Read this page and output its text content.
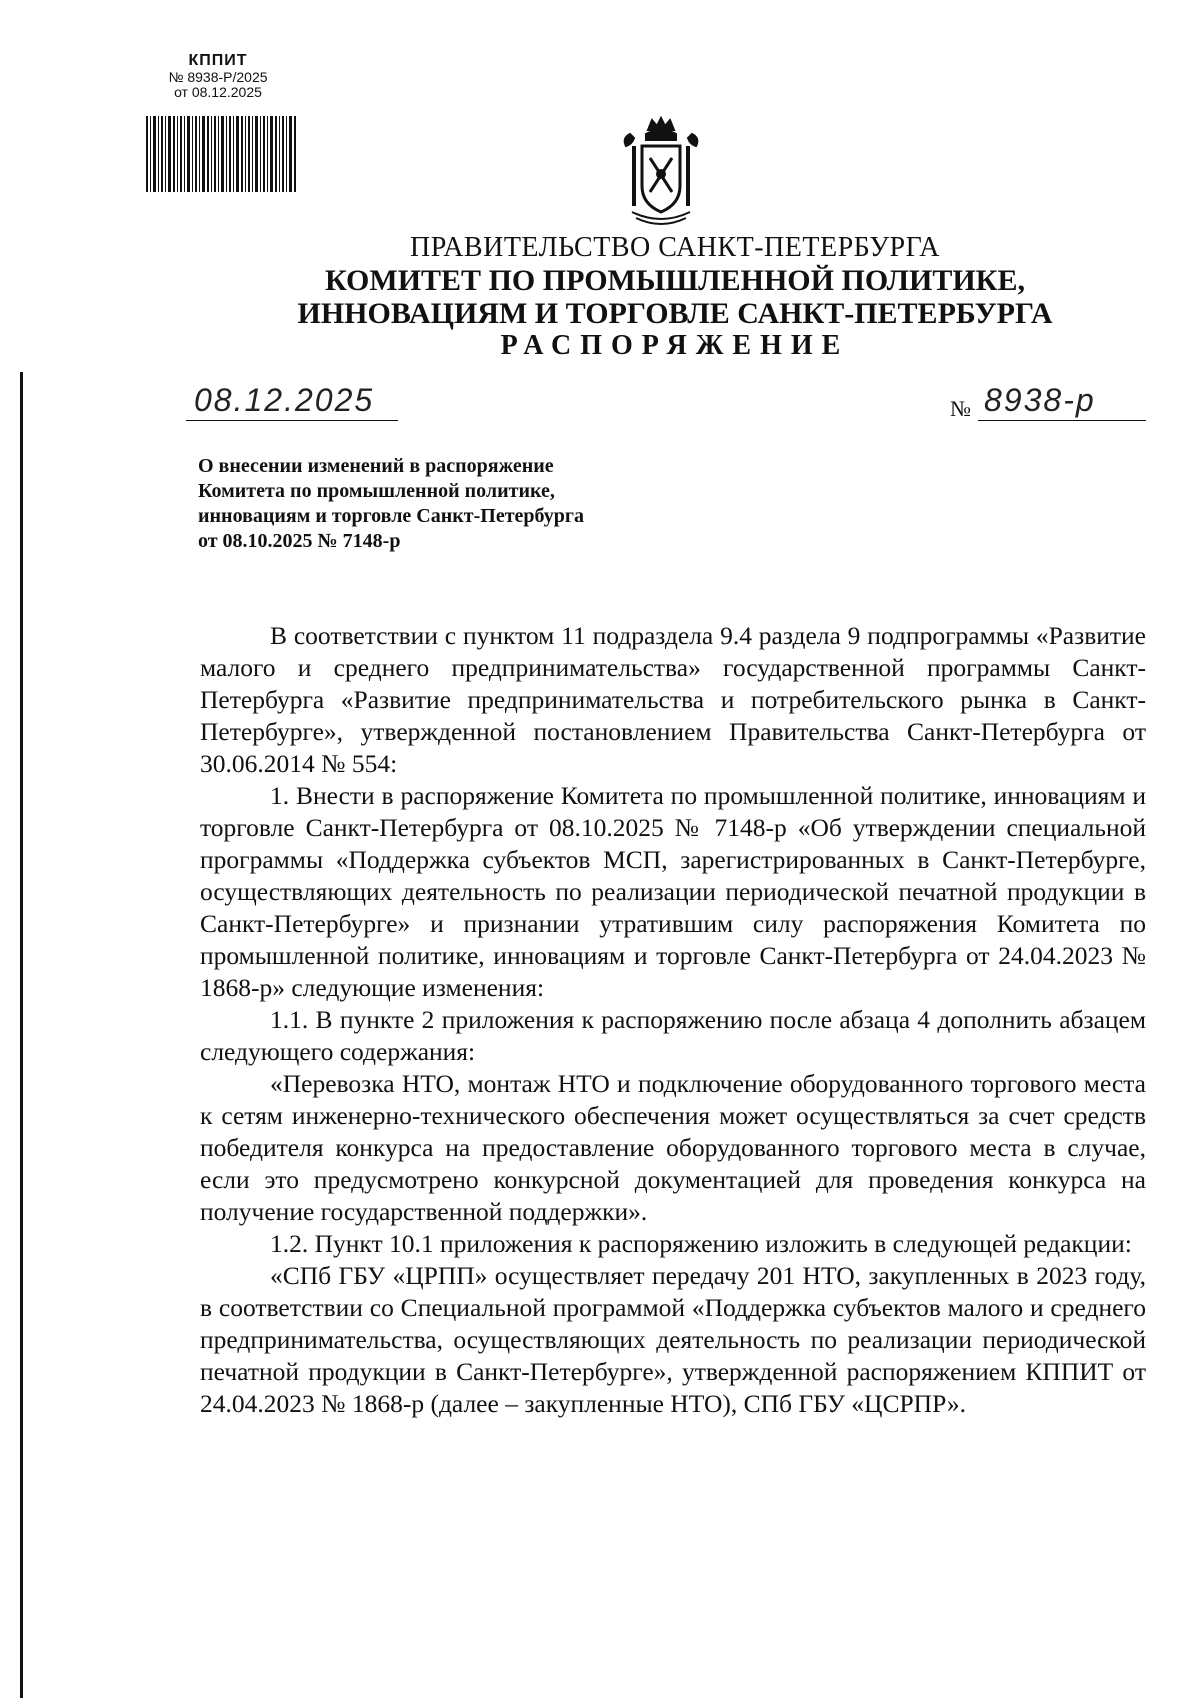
КППИТ
№ 8938-Р/2025
от 08.12.2025
ПРАВИТЕЛЬСТВО САНКТ-ПЕТЕРБУРГА
КОМИТЕТ ПО ПРОМЫШЛЕННОЙ ПОЛИТИКЕ,
ИННОВАЦИЯМ И ТОРГОВЛЕ САНКТ-ПЕТЕРБУРГА
РАСПОРЯЖЕНИЕ
08.12.2025	№ 8938-р
О внесении изменений в распоряжение
Комитета по промышленной политике,
инновациям и торговле Санкт-Петербурга
от 08.10.2025 № 7148-р

В соответствии с пунктом 11 подраздела 9.4 раздела 9 подпрограммы «Развитие малого и среднего предпринимательства» государственной программы Санкт-Петербурга «Развитие предпринимательства и потребительского рынка в Санкт-Петербурге», утвержденной постановлением Правительства Санкт-Петербурга от 30.06.2014 № 554:

1. Внести в распоряжение Комитета по промышленной политике, инновациям и торговле Санкт-Петербурга от 08.10.2025 № 7148-р «Об утверждении специальной программы «Поддержка субъектов МСП, зарегистрированных в Санкт-Петербурге, осуществляющих деятельность по реализации периодической печатной продукции в Санкт-Петербурге» и признании утратившим силу распоряжения Комитета по промышленной политике, инновациям и торговле Санкт-Петербурга от 24.04.2023 № 1868-р» следующие изменения:

1.1. В пункте 2 приложения к распоряжению после абзаца 4 дополнить абзацем следующего содержания:

«Перевозка НТО, монтаж НТО и подключение оборудованного торгового места к сетям инженерно-технического обеспечения может осуществляться за счет средств победителя конкурса на предоставление оборудованного торгового места в случае, если это предусмотрено конкурсной документацией для проведения конкурса на получение государственной поддержки».

1.2. Пункт 10.1 приложения к распоряжению изложить в следующей редакции:

«СПб ГБУ «ЦРПП» осуществляет передачу 201 НТО, закупленных в 2023 году, в соответствии со Специальной программой «Поддержка субъектов малого и среднего предпринимательства, осуществляющих деятельность по реализации периодической печатной продукции в Санкт-Петербурге», утвержденной распоряжением КППИТ от 24.04.2023 № 1868-р (далее – закупленные НТО), СПб ГБУ «ЦСРПР».
